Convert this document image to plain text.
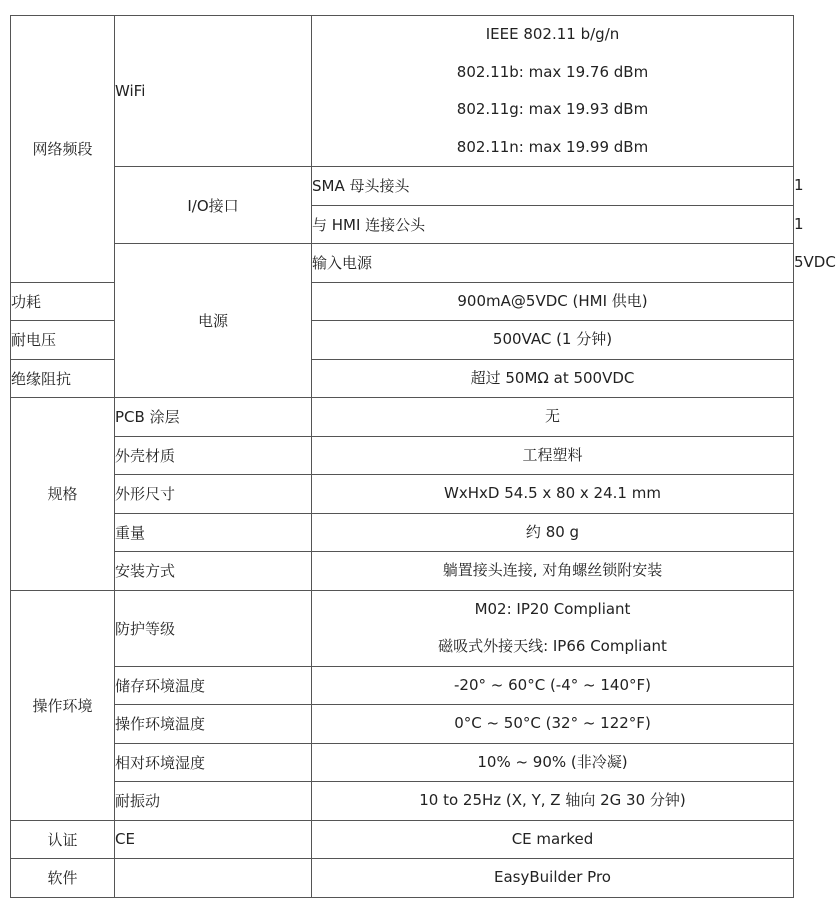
网络频段	WiFi	IEEE 802.11 b/g/n
802.11b: max 19.76 dBm
802.11g: max 19.93 dBm
802.11n: max 19.99 dBm	

	I/O接口	SMA 母头接头	1

		与 HMI 连接公头	1

	电源	输入电源	5VDC

功耗		900mA@5VDC (HMI 供电)	

耐电压		500VAC (1 分钟)	

绝缘阻抗		超过 50MΩ at 500VDC	

规格	PCB 涂层	无	

	外壳材质	工程塑料	

	外形尺寸	WxHxD 54.5 x 80 x 24.1 mm	

	重量	约 80 g	

	安装方式	躺置接头连接, 对角螺丝锁附安装	

操作环境	防护等级	M02: IP20 Compliant
磁吸式外接天线: IP66 Compliant	

	储存环境温度	-20° ~ 60°C (-4° ~ 140°F)	

	操作环境温度	0°C ~ 50°C (32° ~ 122°F)	

	相对环境湿度	10% ~ 90% (非冷凝)	

	耐振动	10 to 25Hz (X, Y, Z 轴向 2G 30 分钟)	

认证	CE	CE marked	

软件		EasyBuilder Pro	
